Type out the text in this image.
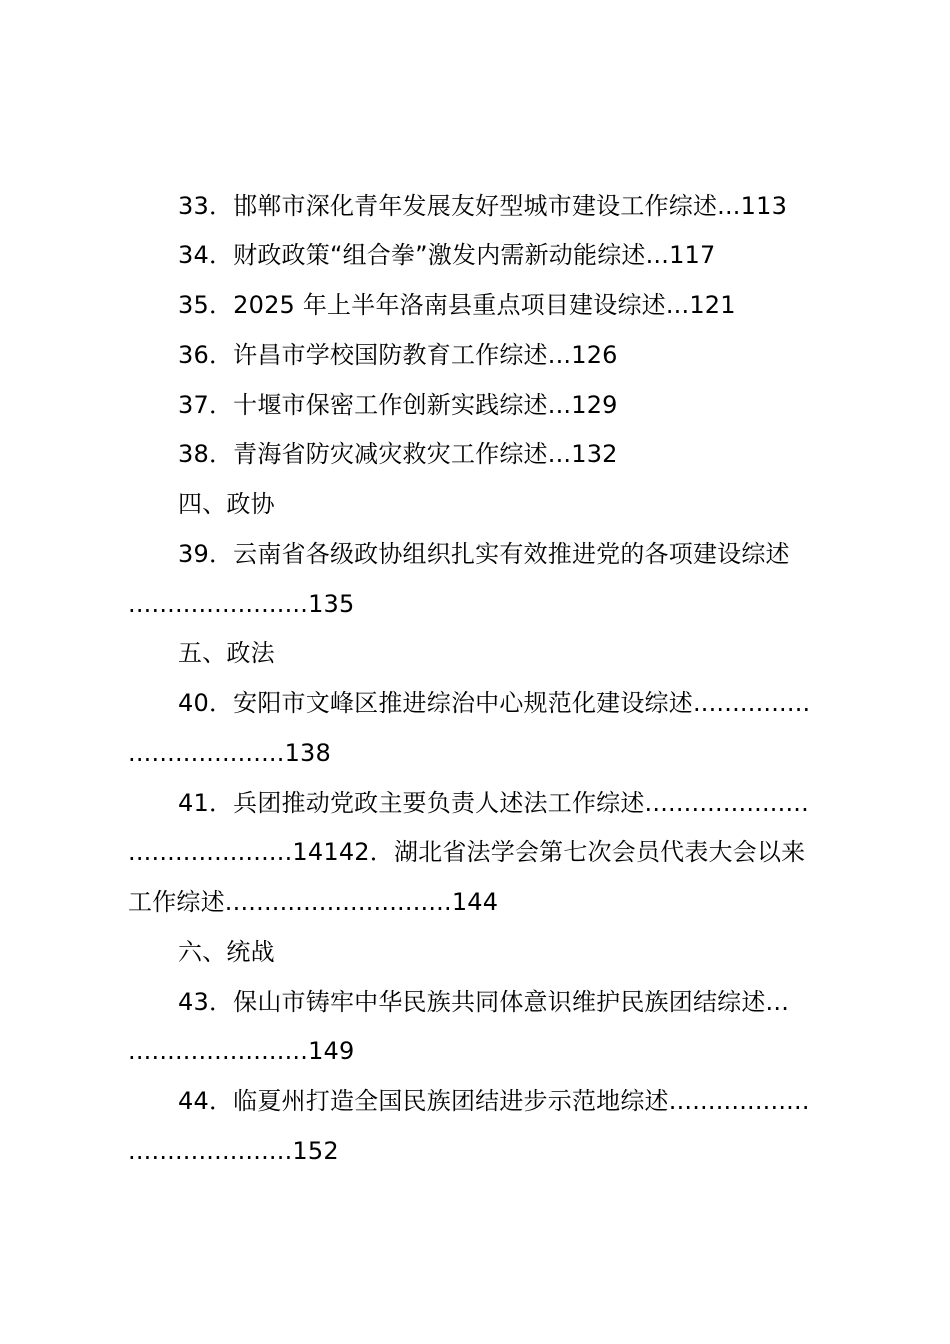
33．邯郸市深化青年发展友好型城市建设工作综述...113
34．财政政策“组合拳”激发内需新动能综述...117
35．2025 年上半年洛南县重点项目建设综述...121
36．许昌市学校国防教育工作综述...126
37．十堰市保密工作创新实践综述...129
38．青海省防灾减灾救灾工作综述...132
四、政协
39．云南省各级政协组织扎实有效推进党的各项建设综述
.......................135
五、政法
40．安阳市文峰区推进综治中心规范化建设综述...............
....................138
41．兵团推动党政主要负责人述法工作综述.....................
.....................14142．湖北省法学会第七次会员代表大会以来
工作综述.............................144
六、统战
43．保山市铸牢中华民族共同体意识维护民族团结综述...
.......................149
44．临夏州打造全国民族团结进步示范地综述..................
.....................152
